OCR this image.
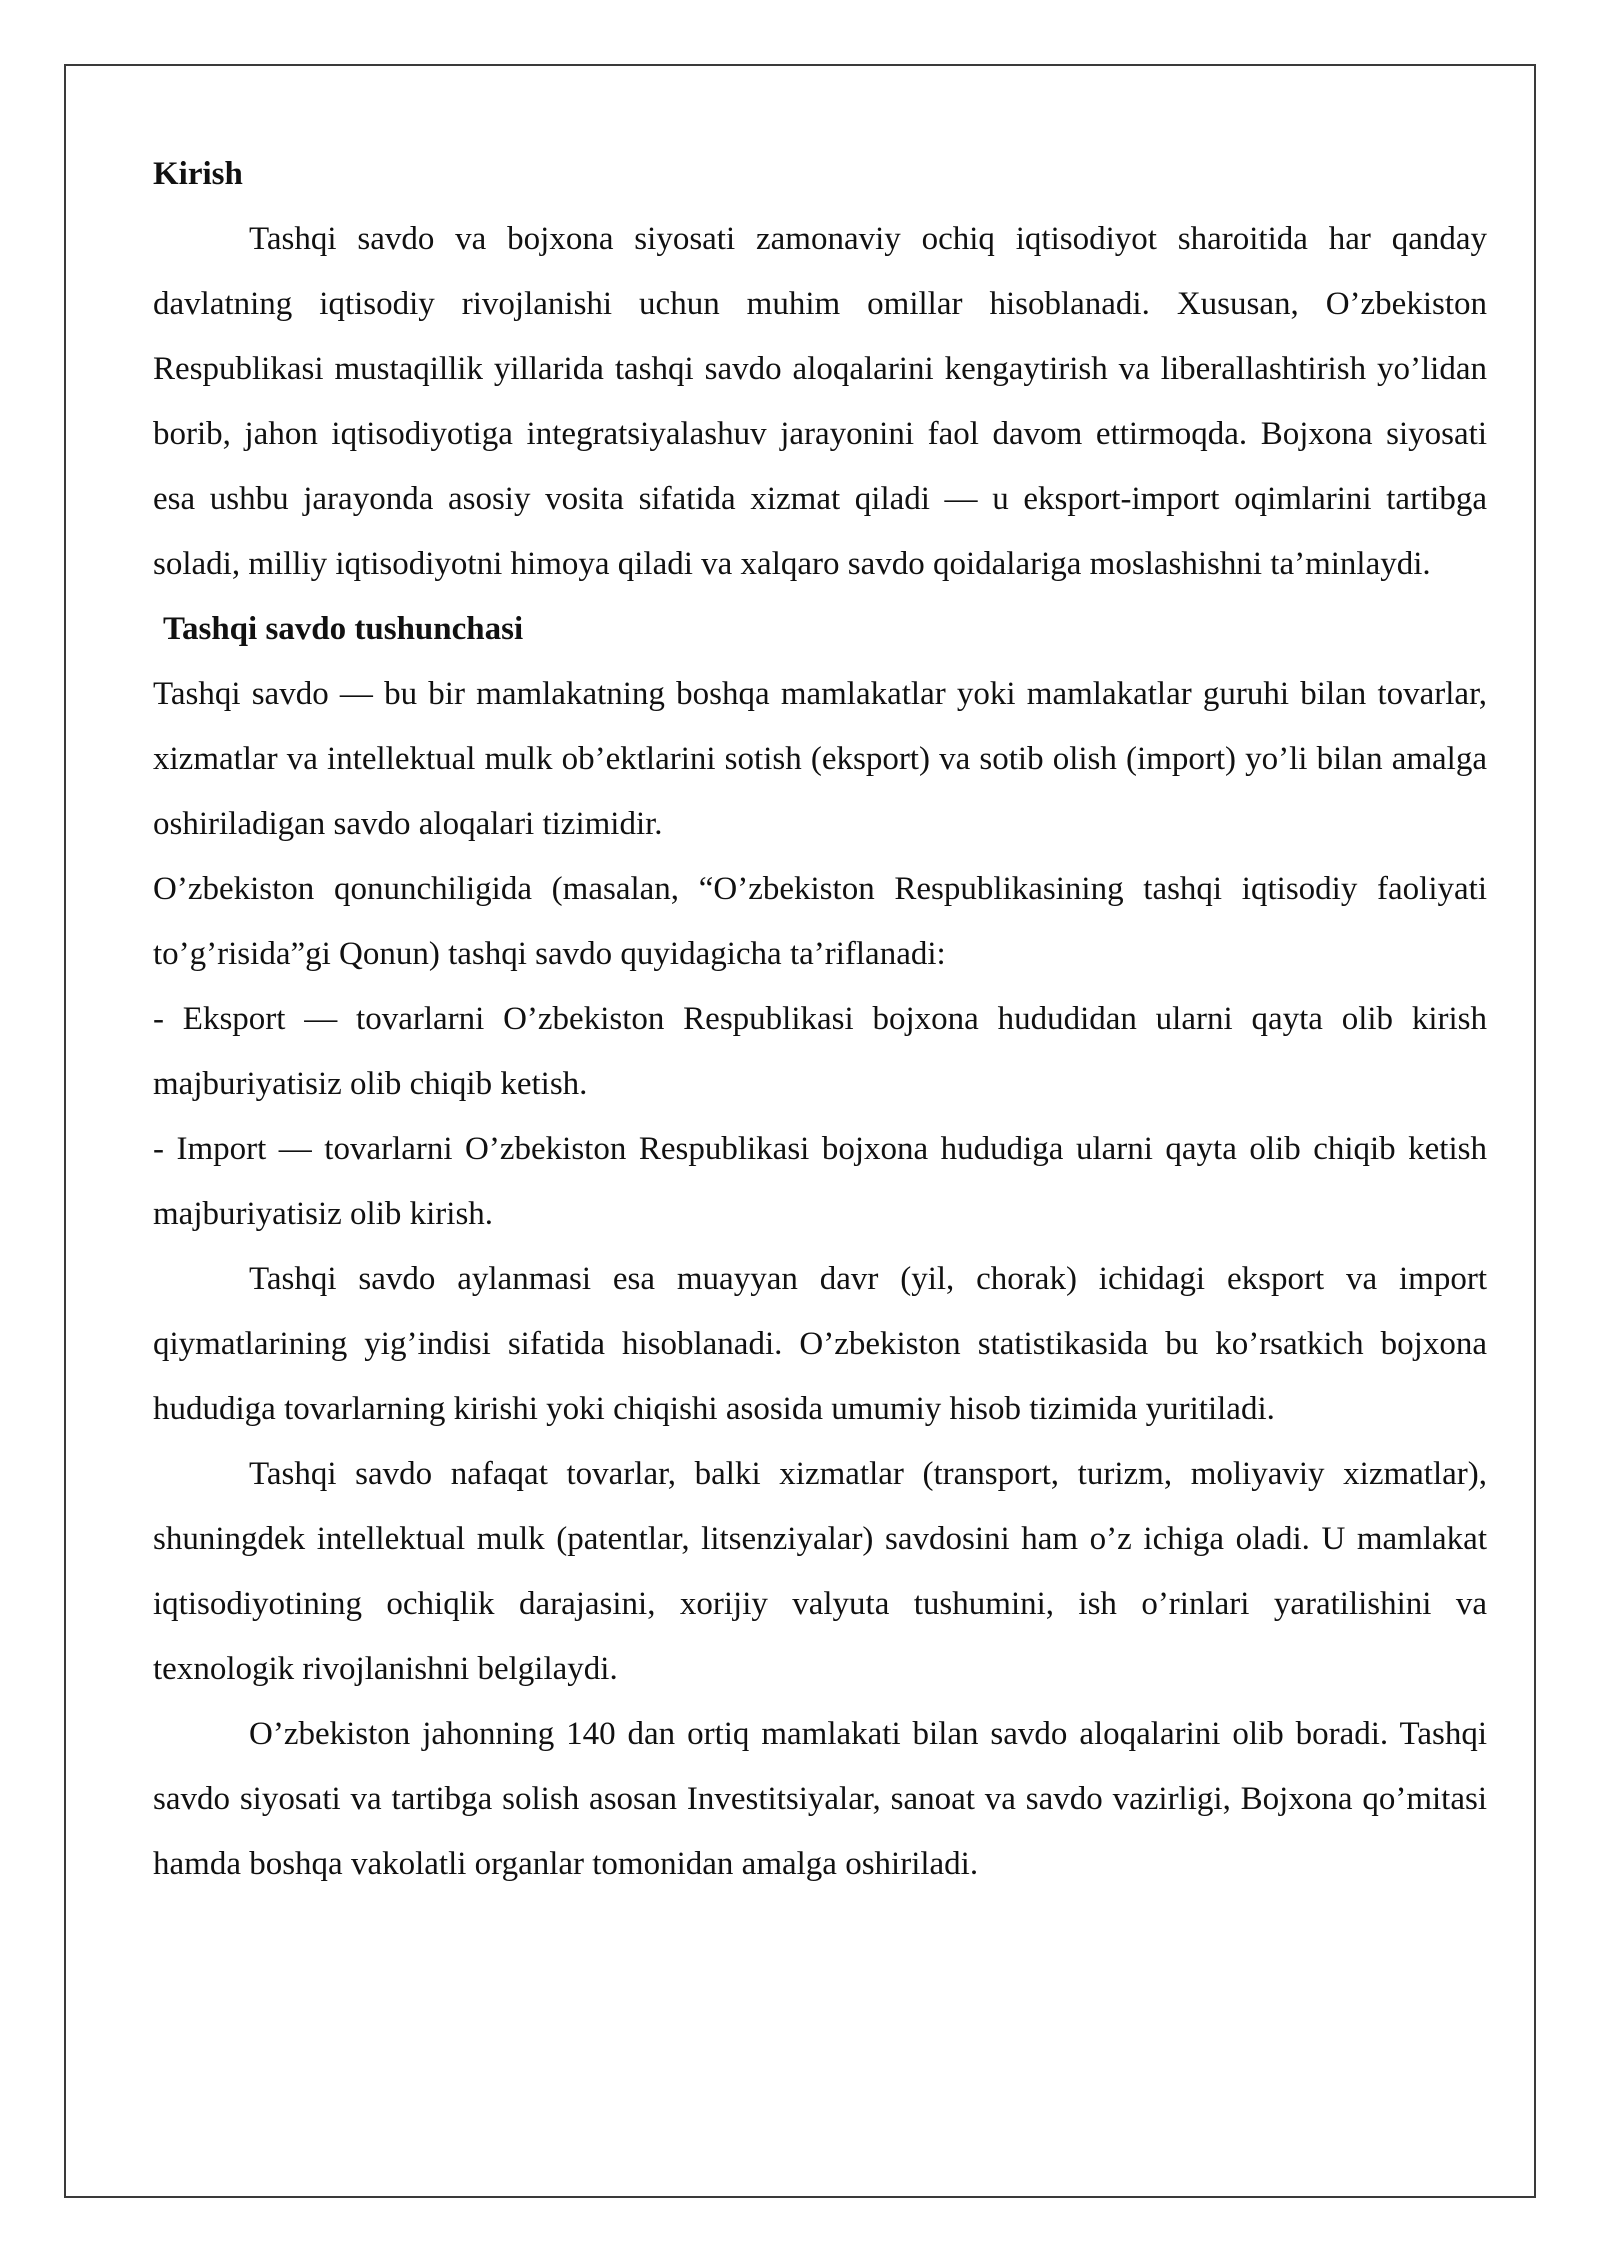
Kirish

Tashqi savdo va bojxona siyosati zamonaviy ochiq iqtisodiyot sharoitida har qanday davlatning iqtisodiy rivojlanishi uchun muhim omillar hisoblanadi. Xususan, O’zbekiston Respublikasi mustaqillik yillarida tashqi savdo aloqalarini kengaytirish va liberallashtirish yo’lidan borib, jahon iqtisodiyotiga integratsiyalashuv jarayonini faol davom ettirmoqda. Bojxona siyosati esa ushbu jarayonda asosiy vosita sifatida xizmat qiladi — u eksport-import oqimlarini tartibga soladi, milliy iqtisodiyotni himoya qiladi va xalqaro savdo qoidalariga moslashishni ta’minlaydi.

Tashqi savdo tushunchasi

Tashqi savdo — bu bir mamlakatning boshqa mamlakatlar yoki mamlakatlar guruhi bilan tovarlar, xizmatlar va intellektual mulk ob’ektlarini sotish (eksport) va sotib olish (import) yo’li bilan amalga oshiriladigan savdo aloqalari tizimidir.

O’zbekiston qonunchiligida (masalan, “O’zbekiston Respublikasining tashqi iqtisodiy faoliyati to’g’risida”gi Qonun) tashqi savdo quyidagicha ta’riflanadi:

- Eksport — tovarlarni O’zbekiston Respublikasi bojxona hududidan ularni qayta olib kirish majburiyatisiz olib chiqib ketish.

- Import — tovarlarni O’zbekiston Respublikasi bojxona hududiga ularni qayta olib chiqib ketish majburiyatisiz olib kirish.

Tashqi savdo aylanmasi esa muayyan davr (yil, chorak) ichidagi eksport va import qiymatlarining yig’indisi sifatida hisoblanadi. O’zbekiston statistikasida bu ko’rsatkich bojxona hududiga tovarlarning kirishi yoki chiqishi asosida umumiy hisob tizimida yuritiladi.

Tashqi savdo nafaqat tovarlar, balki xizmatlar (transport, turizm, moliyaviy xizmatlar), shuningdek intellektual mulk (patentlar, litsenziyalar) savdosini ham o’z ichiga oladi. U mamlakat iqtisodiyotining ochiqlik darajasini, xorijiy valyuta tushumini, ish o’rinlari yaratilishini va texnologik rivojlanishni belgilaydi.

O’zbekiston jahonning 140 dan ortiq mamlakati bilan savdo aloqalarini olib boradi. Tashqi savdo siyosati va tartibga solish asosan Investitsiyalar, sanoat va savdo vazirligi, Bojxona qo’mitasi hamda boshqa vakolatli organlar tomonidan amalga oshiriladi.
